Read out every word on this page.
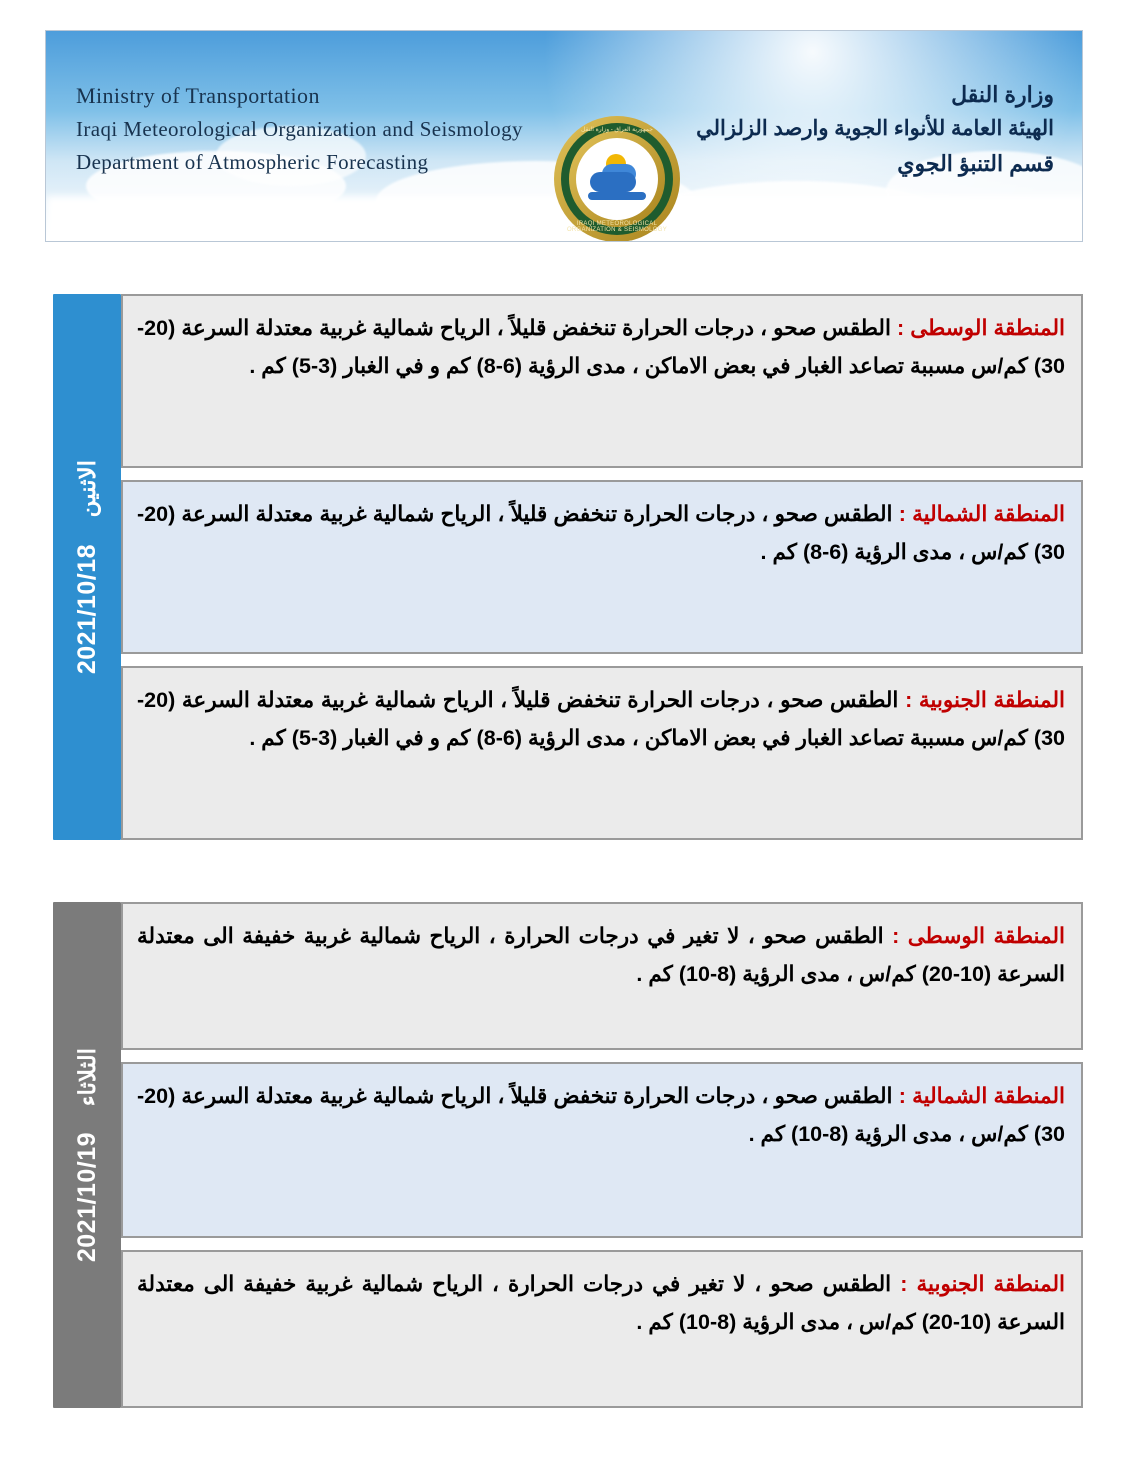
Ministry of Transportation
Iraqi Meteorological Organization and Seismology
Department of Atmospheric Forecasting
جمهورية العراق - وزارة النقل
IRAQI METEOROLOGICAL ORGANIZATION & SEISMOLOGY
وزارة النقل
الهيئة العامة للأنواء الجوية وارصد الزلزالي
قسم التنبؤ الجوي
الاثنين
2021/10/18
المنطقة الوسطى : الطقس صحو ، درجات الحرارة تنخفض قليلاً ، الرياح شمالية غربية معتدلة السرعة (20-30) كم/س مسببة تصاعد الغبار في بعض الاماكن ، مدى الرؤية (6-8) كم و في الغبار (3-5) كم .
المنطقة الشمالية : الطقس صحو ، درجات الحرارة تنخفض قليلاً ، الرياح شمالية غربية معتدلة السرعة (20-30) كم/س ، مدى الرؤية (6-8) كم .
المنطقة الجنوبية : الطقس صحو ، درجات الحرارة تنخفض قليلاً ، الرياح شمالية غربية معتدلة السرعة (20-30) كم/س مسببة تصاعد الغبار في بعض الاماكن ، مدى الرؤية (6-8) كم و في الغبار (3-5) كم .
الثلاثاء
2021/10/19
المنطقة الوسطى : الطقس صحو ، لا تغير في درجات الحرارة ، الرياح شمالية غربية خفيفة الى معتدلة السرعة (10-20) كم/س ، مدى الرؤية (8-10) كم .
المنطقة الشمالية : الطقس صحو ، درجات الحرارة تنخفض قليلاً ، الرياح شمالية غربية معتدلة السرعة (20-30) كم/س ، مدى الرؤية (8-10) كم .
المنطقة الجنوبية : الطقس صحو ، لا تغير في درجات الحرارة ، الرياح شمالية غربية خفيفة الى معتدلة السرعة (10-20) كم/س ، مدى الرؤية (8-10) كم .
